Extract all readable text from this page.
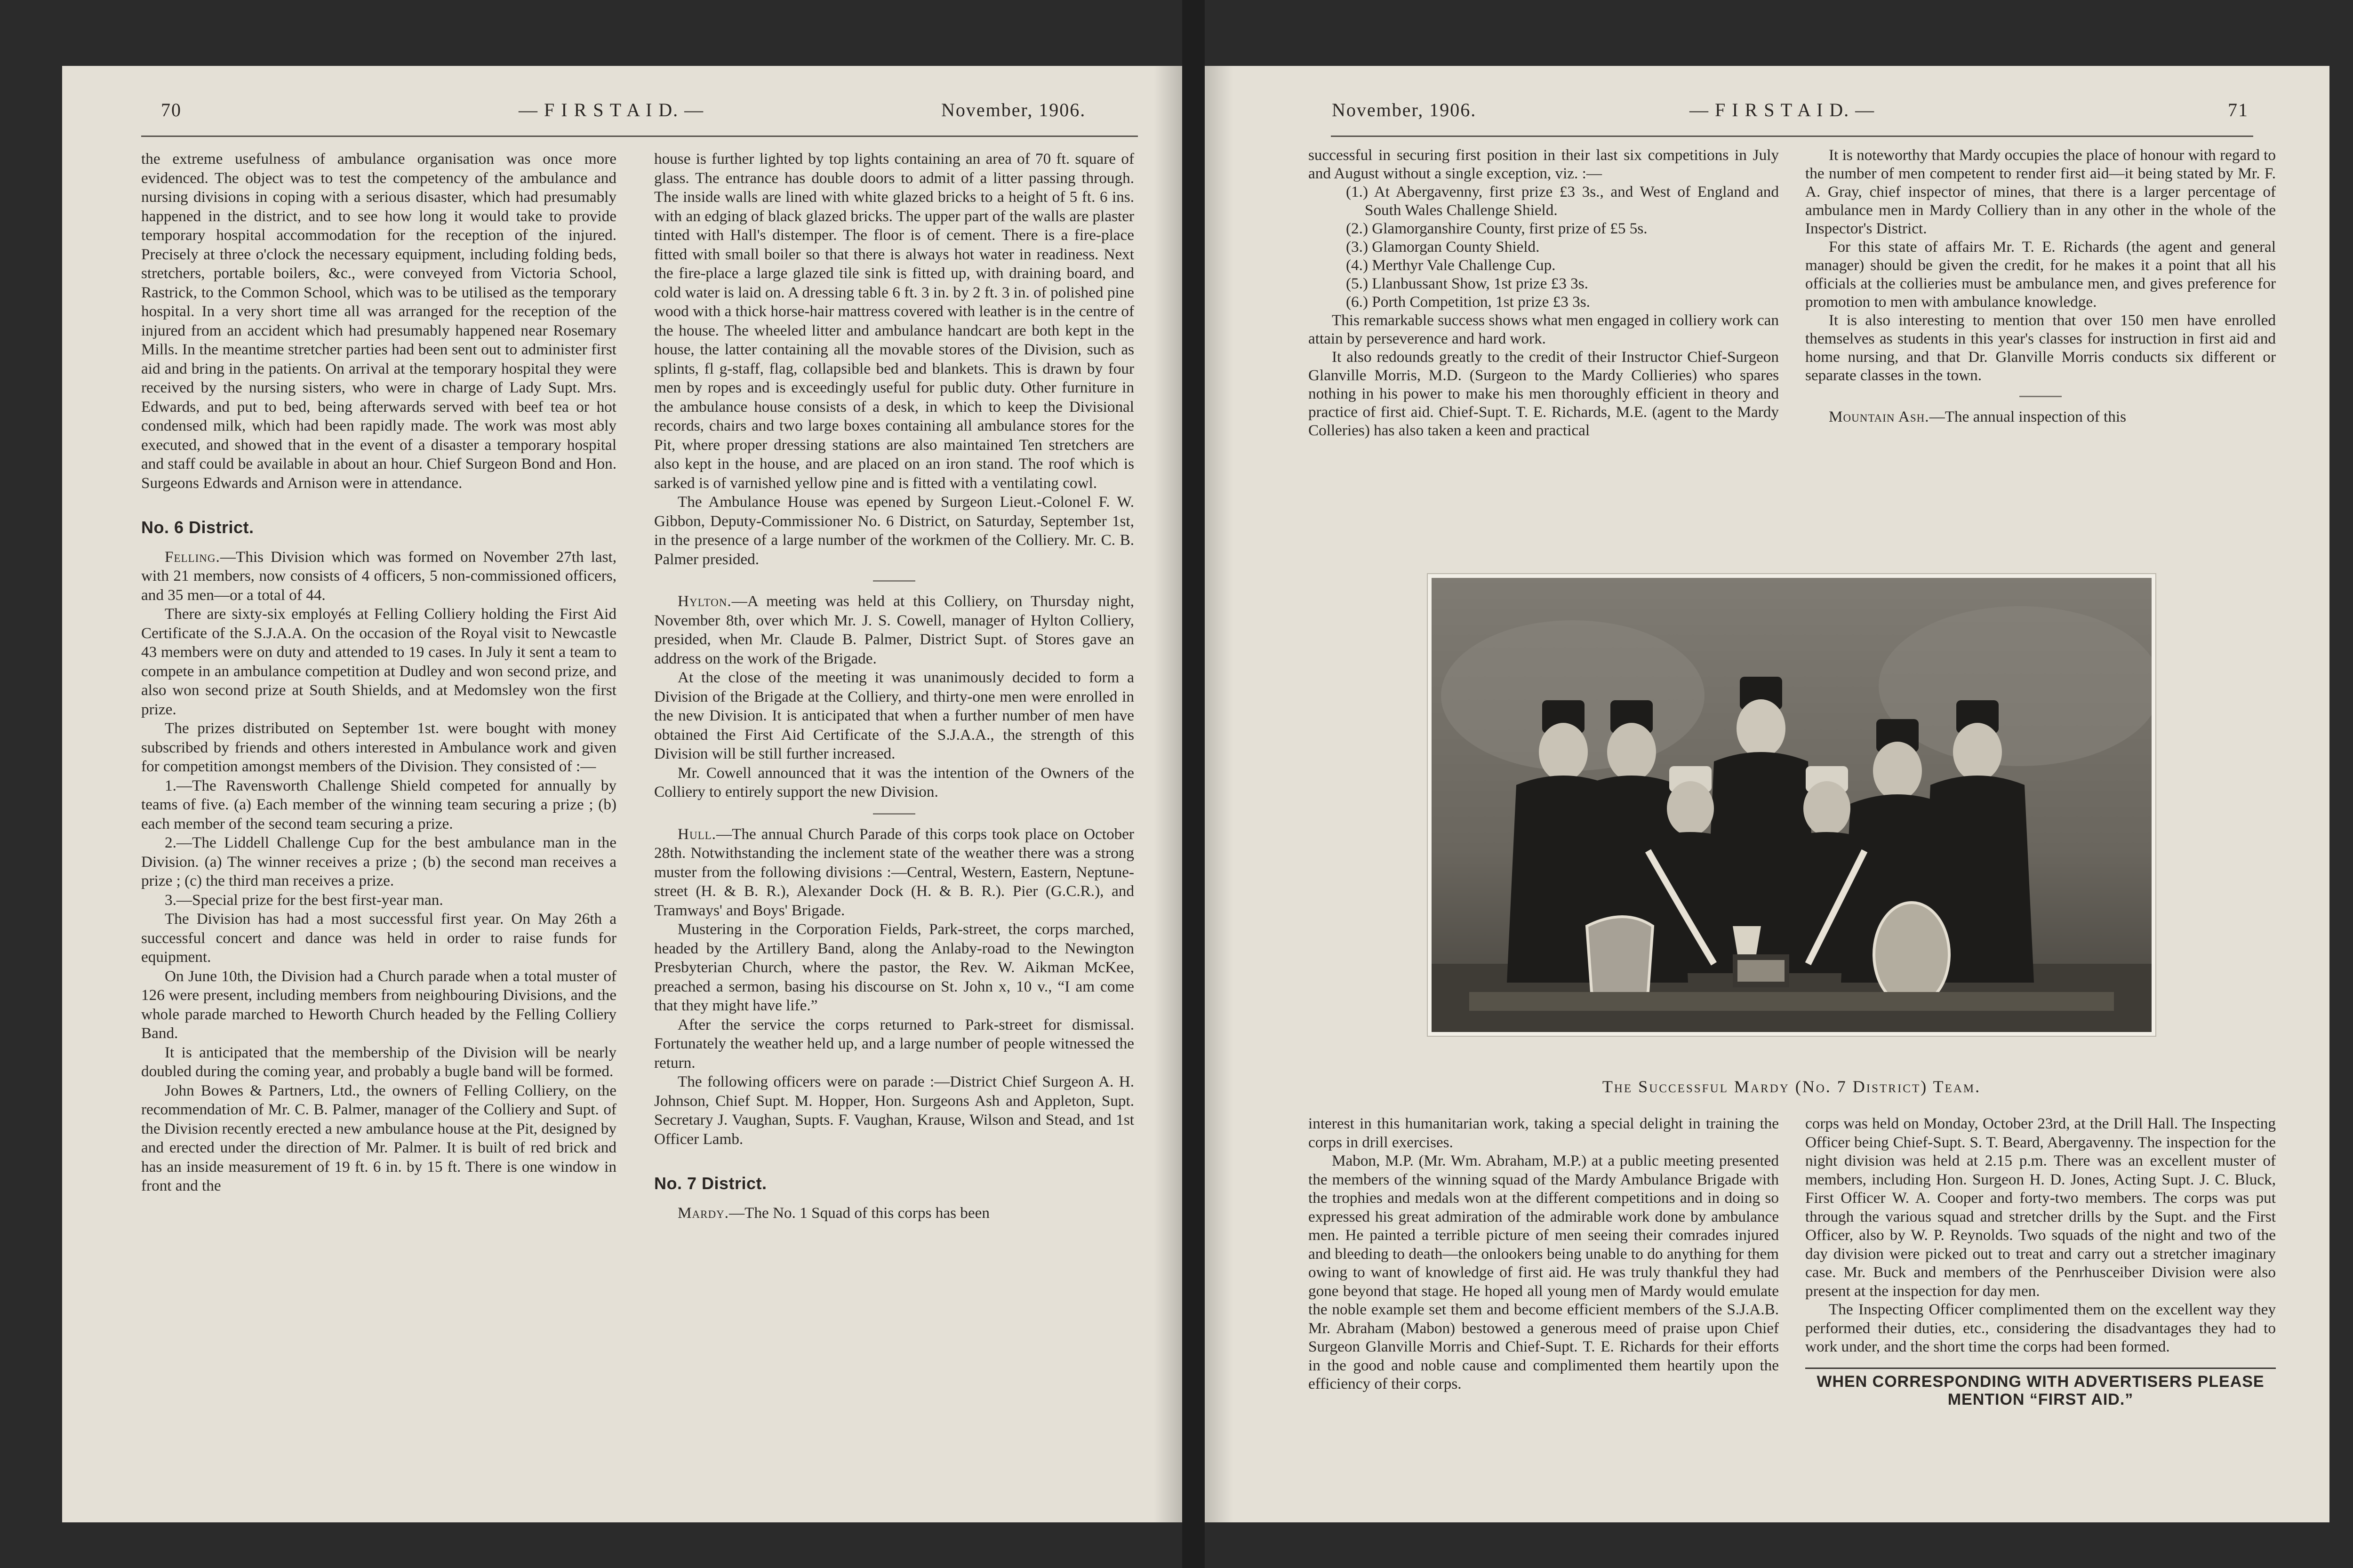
70	— F I R S T A I D. —	November, 1906.

the extreme usefulness of ambulance organisation was once more evidenced. The object was to test the competency of the ambulance and nursing divisions in coping with a serious disaster, which had presumably happened in the district, and to see how long it would take to provide temporary hospital accommodation for the reception of the injured. Precisely at three o'clock the necessary equipment, including folding beds, stretchers, portable boilers, &c., were conveyed from Victoria School, Rastrick, to the Common School, which was to be utilised as the temporary hospital. In a very short time all was arranged for the reception of the injured from an accident which had presumably happened near Rosemary Mills. In the meantime stretcher parties had been sent out to administer first aid and bring in the patients. On arrival at the temporary hospital they were received by the nursing sisters, who were in charge of Lady Supt. Mrs. Edwards, and put to bed, being afterwards served with beef tea or hot condensed milk, which had been rapidly made. The work was most ably executed, and showed that in the event of a disaster a temporary hospital and staff could be available in about an hour. Chief Surgeon Bond and Hon. Surgeons Edwards and Arnison were in attendance.

No. 6 District.

Felling.—This Division which was formed on November 27th last, with 21 members, now consists of 4 officers, 5 non-commissioned officers, and 35 men—or a total of 44.

There are sixty-six employés at Felling Colliery holding the First Aid Certificate of the S.J.A.A. On the occasion of the Royal visit to Newcastle 43 members were on duty and attended to 19 cases. In July it sent a team to compete in an ambulance competition at Dudley and won second prize, and also won second prize at South Shields, and at Medomsley won the first prize.

The prizes distributed on September 1st. were bought with money subscribed by friends and others interested in Ambulance work and given for competition amongst members of the Division. They consisted of :—

1.—The Ravensworth Challenge Shield competed for annually by teams of five. (a) Each member of the winning team securing a prize ; (b) each member of the second team securing a prize.

2.—The Liddell Challenge Cup for the best ambulance man in the Division. (a) The winner receives a prize ; (b) the second man receives a prize ; (c) the third man receives a prize.

3.—Special prize for the best first-year man.

The Division has had a most successful first year. On May 26th a successful concert and dance was held in order to raise funds for equipment.

On June 10th, the Division had a Church parade when a total muster of 126 were present, including members from neighbouring Divisions, and the whole parade marched to Heworth Church headed by the Felling Colliery Band.

It is anticipated that the membership of the Division will be nearly doubled during the coming year, and probably a bugle band will be formed.

John Bowes & Partners, Ltd., the owners of Felling Colliery, on the recommendation of Mr. C. B. Palmer, manager of the Colliery and Supt. of the Division recently erected a new ambulance house at the Pit, designed by and erected under the direction of Mr. Palmer. It is built of red brick and has an inside measurement of 19 ft. 6 in. by 15 ft. There is one window in front and the

house is further lighted by top lights containing an area of 70 ft. square of glass. The entrance has double doors to admit of a litter passing through. The inside walls are lined with white glazed bricks to a height of 5 ft. 6 ins. with an edging of black glazed bricks. The upper part of the walls are plaster tinted with Hall's distemper. The floor is of cement. There is a fire-place fitted with small boiler so that there is always hot water in readiness. Next the fire-place a large glazed tile sink is fitted up, with draining board, and cold water is laid on. A dressing table 6 ft. 3 in. by 2 ft. 3 in. of polished pine wood with a thick horse-hair mattress covered with leather is in the centre of the house. The wheeled litter and ambulance handcart are both kept in the house, the latter containing all the movable stores of the Division, such as splints, fl g-staff, flag, collapsible bed and blankets. This is drawn by four men by ropes and is exceedingly useful for public duty. Other furniture in the ambulance house consists of a desk, in which to keep the Divisional records, chairs and two large boxes containing all ambulance stores for the Pit, where proper dressing stations are also maintained Ten stretchers are also kept in the house, and are placed on an iron stand. The roof which is sarked is of varnished yellow pine and is fitted with a ventilating cowl.

The Ambulance House was epened by Surgeon Lieut.-Colonel F. W. Gibbon, Deputy-Commissioner No. 6 District, on Saturday, September 1st, in the presence of a large number of the workmen of the Colliery. Mr. C. B. Palmer presided.

Hylton.—A meeting was held at this Colliery, on Thursday night, November 8th, over which Mr. J. S. Cowell, manager of Hylton Colliery, presided, when Mr. Claude B. Palmer, District Supt. of Stores gave an address on the work of the Brigade.

At the close of the meeting it was unanimously decided to form a Division of the Brigade at the Colliery, and thirty-one men were enrolled in the new Division. It is anticipated that when a further number of men have obtained the First Aid Certificate of the S.J.A.A., the strength of this Division will be still further increased.

Mr. Cowell announced that it was the intention of the Owners of the Colliery to entirely support the new Division.

Hull.—The annual Church Parade of this corps took place on October 28th. Notwithstanding the inclement state of the weather there was a strong muster from the following divisions :—Central, Western, Eastern, Neptune-street (H. & B. R.), Alexander Dock (H. & B. R.). Pier (G.C.R.), and Tramways' and Boys' Brigade.

Mustering in the Corporation Fields, Park-street, the corps marched, headed by the Artillery Band, along the Anlaby-road to the Newington Presbyterian Church, where the pastor, the Rev. W. Aikman McKee, preached a sermon, basing his discourse on St. John x, 10 v., “I am come that they might have life.”

After the service the corps returned to Park-street for dismissal. Fortunately the weather held up, and a large number of people witnessed the return.

The following officers were on parade :—District Chief Surgeon A. H. Johnson, Chief Supt. M. Hopper, Hon. Surgeons Ash and Appleton, Supt. Secretary J. Vaughan, Supts. F. Vaughan, Krause, Wilson and Stead, and 1st Officer Lamb.

No. 7 District.

Mardy.—The No. 1 Squad of this corps has been

November, 1906.	— F I R S T A I D. —	71

successful in securing first position in their last six competitions in July and August without a single exception, viz. :—

(1.) At Abergavenny, first prize £3 3s., and West of England and South Wales Challenge Shield.

(2.) Glamorganshire County, first prize of £5 5s.

(3.) Glamorgan County Shield.

(4.) Merthyr Vale Challenge Cup.

(5.) Llanbussant Show, 1st prize £3 3s.

(6.) Porth Competition, 1st prize £3 3s.

This remarkable success shows what men engaged in colliery work can attain by perseverence and hard work.

It also redounds greatly to the credit of their Instructor Chief-Surgeon Glanville Morris, M.D. (Surgeon to the Mardy Collieries) who spares nothing in his power to make his men thoroughly efficient in theory and practice of first aid. Chief-Supt. T. E. Richards, M.E. (agent to the Mardy Colleries) has also taken a keen and practical

It is noteworthy that Mardy occupies the place of honour with regard to the number of men competent to render first aid—it being stated by Mr. F. A. Gray, chief inspector of mines, that there is a larger percentage of ambulance men in Mardy Colliery than in any other in the whole of the Inspector's District.

For this state of affairs Mr. T. E. Richards (the agent and general manager) should be given the credit, for he makes it a point that all his officials at the collieries must be ambulance men, and gives preference for promotion to men with ambulance knowledge.

It is also interesting to mention that over 150 men have enrolled themselves as students in this year's classes for instruction in first aid and home nursing, and that Dr. Glanville Morris conducts six different or separate classes in the town.

Mountain Ash.—The annual inspection of this

The Successful Mardy (No. 7 District) Team.

interest in this humanitarian work, taking a special delight in training the corps in drill exercises.

Mabon, M.P. (Mr. Wm. Abraham, M.P.) at a public meeting presented the members of the winning squad of the Mardy Ambulance Brigade with the trophies and medals won at the different competitions and in doing so expressed his great admiration of the admirable work done by ambulance men. He painted a terrible picture of men seeing their comrades injured and bleeding to death—the onlookers being unable to do anything for them owing to want of knowledge of first aid. He was truly thankful they had gone beyond that stage. He hoped all young men of Mardy would emulate the noble example set them and become efficient members of the S.J.A.B. Mr. Abraham (Mabon) bestowed a generous meed of praise upon Chief Surgeon Glanville Morris and Chief-Supt. T. E. Richards for their efforts in the good and noble cause and complimented them heartily upon the efficiency of their corps.

corps was held on Monday, October 23rd, at the Drill Hall. The Inspecting Officer being Chief-Supt. S. T. Beard, Abergavenny. The inspection for the night division was held at 2.15 p.m. There was an excellent muster of members, including Hon. Surgeon H. D. Jones, Acting Supt. J. C. Bluck, First Officer W. A. Cooper and forty-two members. The corps was put through the various squad and stretcher drills by the Supt. and the First Officer, also by W. P. Reynolds. Two squads of the night and two of the day division were picked out to treat and carry out a stretcher imaginary case. Mr. Buck and members of the Penrhusceiber Division were also present at the inspection for day men.

The Inspecting Officer complimented them on the excellent way they performed their duties, etc., considering the disadvantages they had to work under, and the short time the corps had been formed.

WHEN CORRESPONDING WITH ADVERTISERS PLEASE MENTION “FIRST AID.”
